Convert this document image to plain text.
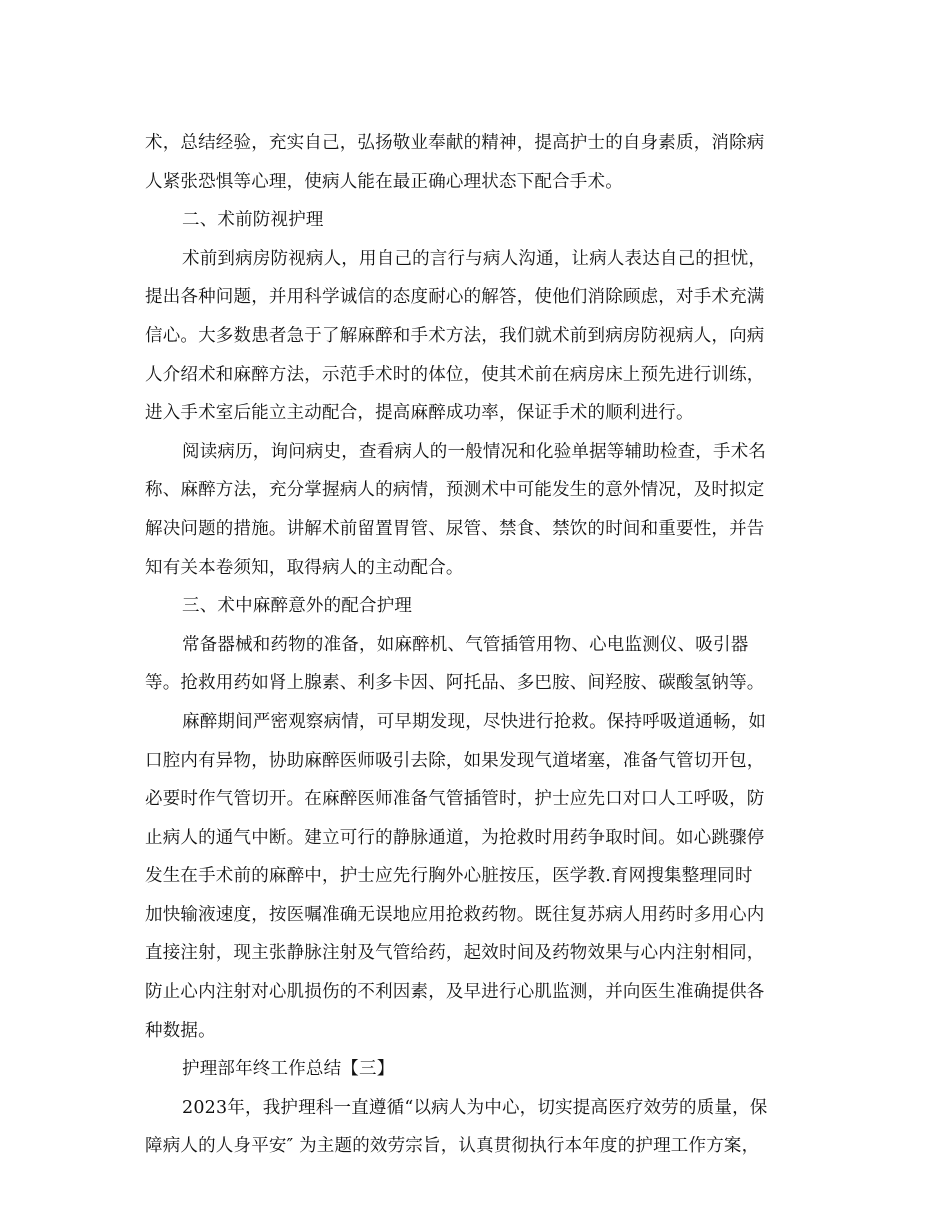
术，总结经验，充实自己，弘扬敬业奉献的精神，提高护士的自身素质，消除病
人紧张恐惧等心理，使病人能在最正确心理状态下配合手术。
二、术前防视护理
术前到病房防视病人，用自己的言行与病人沟通，让病人表达自己的担忧，
提出各种问题，并用科学诚信的态度耐心的解答，使他们消除顾虑，对手术充满
信心。大多数患者急于了解麻醉和手术方法，我们就术前到病房防视病人，向病
人介绍术和麻醉方法，示范手术时的体位，使其术前在病房床上预先进行训练，
进入手术室后能立主动配合，提高麻醉成功率，保证手术的顺利进行。
阅读病历，询问病史，查看病人的一般情况和化验单据等辅助检查，手术名
称、麻醉方法，充分掌握病人的病情，预测术中可能发生的意外情况，及时拟定
解决问题的措施。讲解术前留置胃管、尿管、禁食、禁饮的时间和重要性，并告
知有关本卷须知，取得病人的主动配合。
三、术中麻醉意外的配合护理
常备器械和药物的准备，如麻醉机、气管插管用物、心电监测仪、吸引器
等。抢救用药如肾上腺素、利多卡因、阿托品、多巴胺、间羟胺、碳酸氢钠等。
麻醉期间严密观察病情，可早期发现，尽快进行抢救。保持呼吸道通畅，如
口腔内有异物，协助麻醉医师吸引去除，如果发现气道堵塞，准备气管切开包，
必要时作气管切开。在麻醉医师准备气管插管时，护士应先口对口人工呼吸，防
止病人的通气中断。建立可行的静脉通道，为抢救时用药争取时间。如心跳骤停
发生在手术前的麻醉中，护士应先行胸外心脏按压，医学教.育网搜集整理同时
加快输液速度，按医嘱准确无误地应用抢救药物。既往复苏病人用药时多用心内
直接注射，现主张静脉注射及气管给药，起效时间及药物效果与心内注射相同，
防止心内注射对心肌损伤的不利因素，及早进行心肌监测，并向医生准确提供各
种数据。
护理部年终工作总结【三】
2023年，我护理科一直遵循“以病人为中心，切实提高医疗效劳的质量，保
障病人的人身平安″ 为主题的效劳宗旨，认真贯彻执行本年度的护理工作方案，
